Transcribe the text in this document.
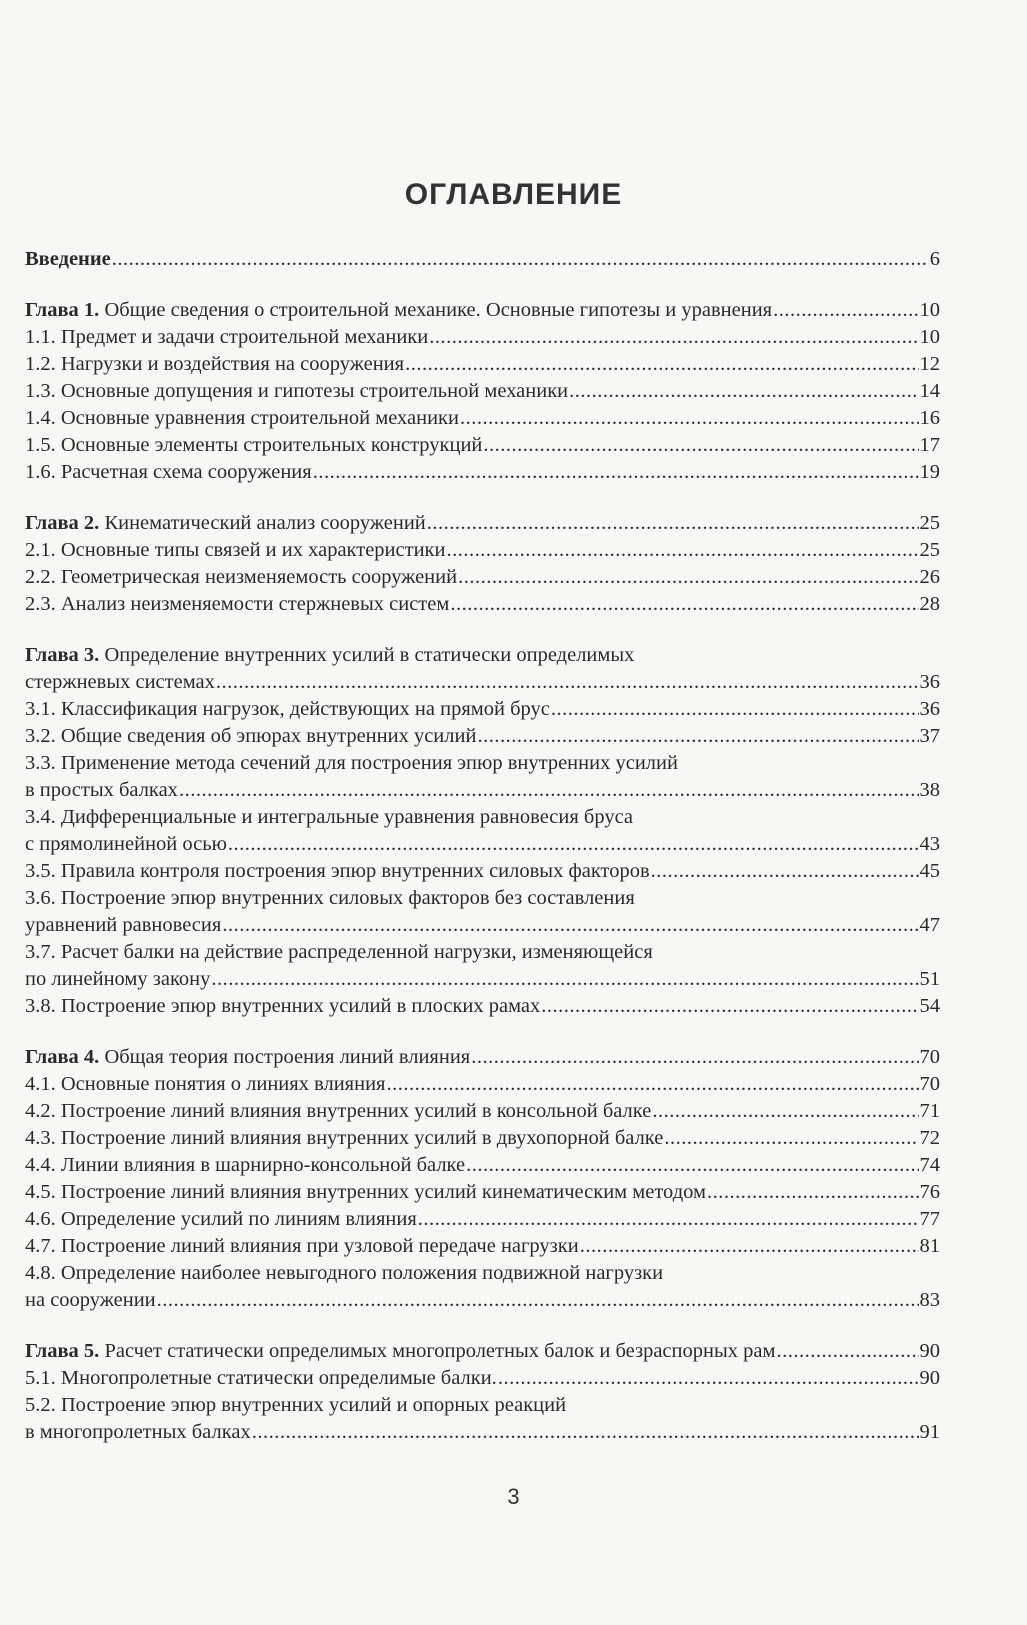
ОГЛАВЛЕНИЕ
Введение .....	6
Глава 1. Общие сведения о строительной механике. Основные гипотезы и уравнения .....	10
1.1. Предмет и задачи строительной механики .....	10
1.2. Нагрузки и воздействия на сооружения .....	12
1.3. Основные допущения и гипотезы строительной механики .....	14
1.4. Основные уравнения строительной механики .....	16
1.5. Основные элементы строительных конструкций .....	17
1.6. Расчетная схема сооружения .....	19
Глава 2. Кинематический анализ сооружений .....	25
2.1. Основные типы связей и их характеристики .....	25
2.2. Геометрическая неизменяемость сооружений .....	26
2.3. Анализ неизменяемости стержневых систем .....	28
Глава 3. Определение внутренних усилий в статически определимых
стержневых системах .....	36
3.1. Классификация нагрузок, действующих на прямой брус .....	36
3.2. Общие сведения об эпюрах внутренних усилий .....	37
3.3. Применение метода сечений для построения эпюр внутренних усилий
в простых балках .....	38
3.4. Дифференциальные и интегральные уравнения равновесия бруса
с прямолинейной осью .....	43
3.5. Правила контроля построения эпюр внутренних силовых факторов .....	45
3.6. Построение эпюр внутренних силовых факторов без составления
уравнений равновесия .....	47
3.7. Расчет балки на действие распределенной нагрузки, изменяющейся
по линейному закону .....	51
3.8. Построение эпюр внутренних усилий в плоских рамах .....	54
Глава 4. Общая теория построения линий влияния .....	70
4.1. Основные понятия о линиях влияния .....	70
4.2. Построение линий влияния внутренних усилий в консольной балке .....	71
4.3. Построение линий влияния внутренних усилий в двухопорной балке .....	72
4.4. Линии влияния в шарнирно-консольной балке .....	74
4.5. Построение линий влияния внутренних усилий кинематическим методом .....	76
4.6. Определение усилий по линиям влияния .....	77
4.7. Построение линий влияния при узловой передаче нагрузки .....	81
4.8. Определение наиболее невыгодного положения подвижной нагрузки
на сооружении .....	83
Глава 5. Расчет статически определимых многопролетных балок и безраспорных рам .....	90
5.1. Многопролетные статически определимые балки. .....	90
5.2. Построение эпюр внутренних усилий и опорных реакций
в многопролетных балках .....	91
3
